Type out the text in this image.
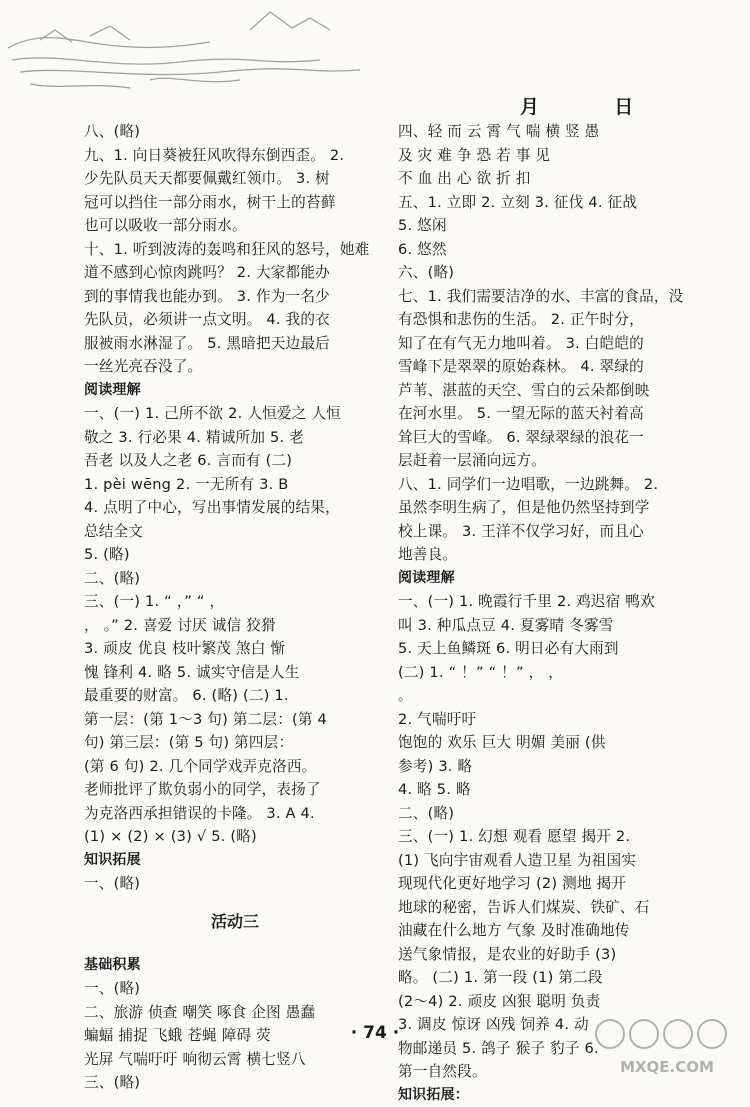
月	日
八、(略)
九、1. 向日葵被狂风吹得东倒西歪。 2.
少先队员天天都要佩戴红领巾。 3. 树
冠可以挡住一部分雨水，树干上的苔藓
也可以吸收一部分雨水。
十、1. 听到波涛的轰鸣和狂风的怒号，她难
道不感到心惊肉跳吗？ 2. 大家都能办
到的事情我也能办到。 3. 作为一名少
先队员，必须讲一点文明。 4. 我的衣
服被雨水淋湿了。 5. 黑暗把天边最后
一丝光亮吞没了。
阅读理解
一、(一) 1. 己所不欲 2. 人恒爱之 人恒
敬之 3. 行必果 4. 精诚所加 5. 老
吾老 以及人之老 6. 言而有 (二)
1. pèi wēng 2. 一无所有 3. B
4. 点明了中心，写出事情发展的结果，
总结全文
5. (略)
二、(略)
三、(一) 1. “ ，” “ ，
， 。” 2. 喜爱 讨厌 诚信 狡猾
3. 顽皮 优良 枝叶繁茂 煞白 惭
愧 锋利 4. 略 5. 诚实守信是人生
最重要的财富。 6. (略) (二) 1.
第一层：(第 1～3 句) 第二层：(第 4
句) 第三层：(第 5 句) 第四层：
(第 6 句) 2. 几个同学戏弄克洛西。
老师批评了欺负弱小的同学，表扬了
为克洛西承担错误的卡隆。 3. A 4.
(1) × (2) × (3) √ 5. (略)
知识拓展
一、(略)
活动三
基础积累
一、(略)
二、旅游 侦查 嘲笑 啄食 企图 愚蠢
蝙蝠 捕捉 飞蛾 苍蝇 障碍 荧
光屏 气喘吁吁 响彻云霄 横七竖八
三、(略)
四、轻 而 云 霄 气 喘 横 竖 愚
及 灾 难 争 恐 若 事 见
不 血 出 心 欲 折 扣
五、1. 立即 2. 立刻 3. 征伐 4. 征战
5. 悠闲
6. 悠然
六、(略)
七、1. 我们需要洁净的水、丰富的食品，没
有恐惧和悲伤的生活。 2. 正午时分，
知了在有气无力地叫着。 3. 白皑皑的
雪峰下是翠翠的原始森林。 4. 翠绿的
芦苇、湛蓝的天空、雪白的云朵都倒映
在河水里。 5. 一望无际的蓝天衬着高
耸巨大的雪峰。 6. 翠绿翠绿的浪花一
层赶着一层涌向远方。
八、1. 同学们一边唱歌，一边跳舞。 2.
虽然李明生病了，但是他仍然坚持到学
校上课。 3. 王洋不仅学习好，而且心
地善良。
阅读理解
一、(一) 1. 晚霞行千里 2. 鸡迟宿 鸭欢
叫 3. 种瓜点豆 4. 夏雾晴 冬雾雪
5. 天上鱼鳞斑 6. 明日必有大雨到
(二) 1. “ ！” “ ！” ， ，
。
2. 气喘吁吁
饱饱的 欢乐 巨大 明媚 美丽 (供
参考) 3. 略
4. 略 5. 略
二、(略)
三、(一) 1. 幻想 观看 愿望 揭开 2.
(1) 飞向宇宙观看人造卫星 为祖国实
现现代化更好地学习 (2) 测地 揭开
地球的秘密，告诉人们煤炭、铁矿、石
油藏在什么地方 气象 及时准确地传
送气象情报，是农业的好助手 (3)
略。 (二) 1. 第一段 (1) 第二段
(2～4) 2. 顽皮 凶狠 聪明 负责
3. 调皮 惊讶 凶残 饲养 4. 动
物邮递员 5. 鸽子 猴子 豹子 6.
第一自然段。
知识拓展：
· 74 ·
MXQE.COM
